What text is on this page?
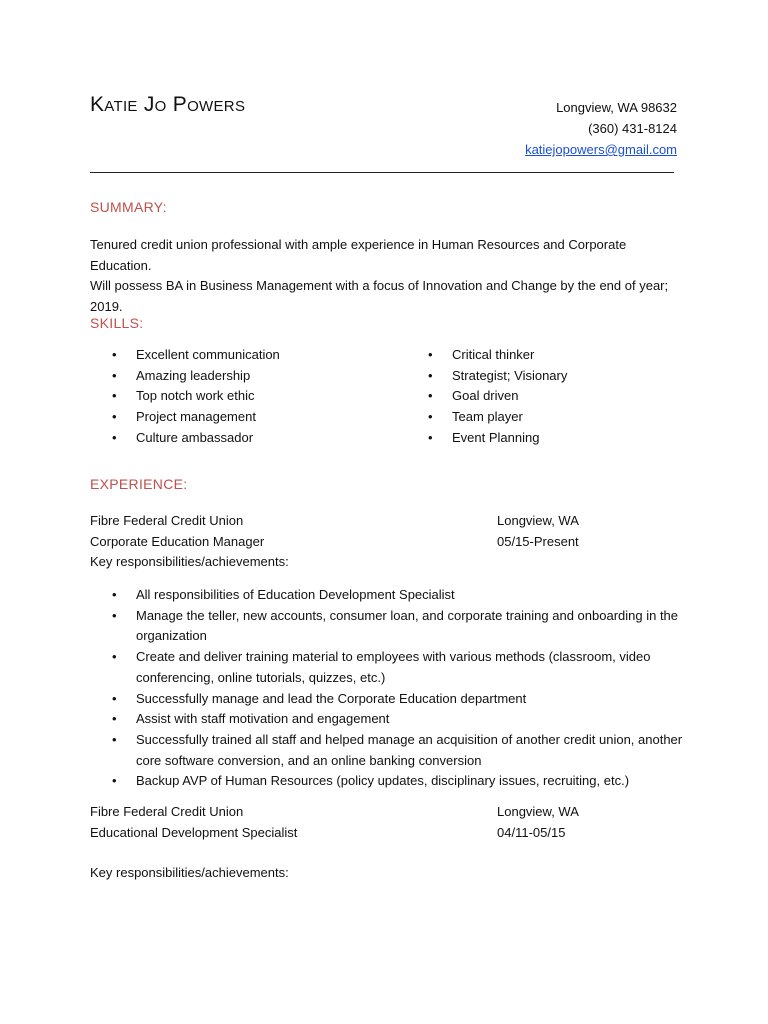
Katie Jo Powers	Longview, WA 98632
(360) 431-8124
katiejopowers@gmail.com
SUMMARY:
Tenured credit union professional with ample experience in Human Resources and Corporate Education.
Will possess BA in Business Management with a focus of Innovation and Change by the end of year;
2019.
SKILLS:
• Excellent communication
• Amazing leadership
• Top notch work ethic
• Project management
• Culture ambassador
• Critical thinker
• Strategist; Visionary
• Goal driven
• Team player
• Event Planning
EXPERIENCE:
Fibre Federal Credit Union	Longview, WA
Corporate Education Manager	05/15-Present
Key responsibilities/achievements:
• All responsibilities of Education Development Specialist
• Manage the teller, new accounts, consumer loan, and corporate training and onboarding in the
organization
• Create and deliver training material to employees with various methods (classroom, video
conferencing, online tutorials, quizzes, etc.)
• Successfully manage and lead the Corporate Education department
• Assist with staff motivation and engagement
• Successfully trained all staff and helped manage an acquisition of another credit union, another
core software conversion, and an online banking conversion
• Backup AVP of Human Resources (policy updates, disciplinary issues, recruiting, etc.)
Fibre Federal Credit Union	Longview, WA
Educational Development Specialist	04/11-05/15
Key responsibilities/achievements:
